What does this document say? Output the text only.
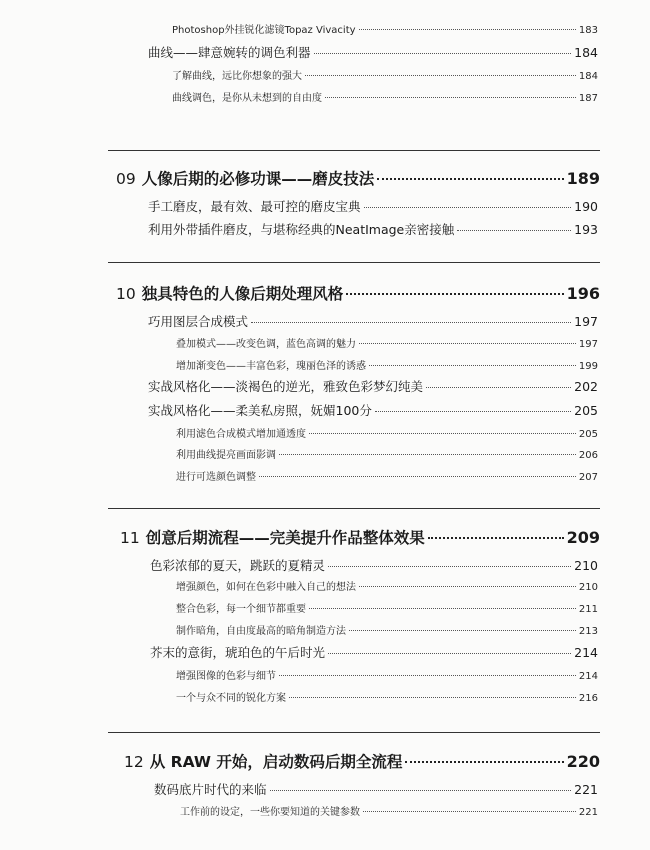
Photoshop外挂锐化滤镜Topaz Vivacity	183
曲线——肆意婉转的调色利器	184
了解曲线，远比你想象的强大	184
曲线调色，是你从未想到的自由度	187
09 人像后期的必修功课——磨皮技法	189
手工磨皮，最有效、最可控的磨皮宝典	190
利用外带插件磨皮，与堪称经典的NeatImage亲密接触	193
10 独具特色的人像后期处理风格	196
巧用图层合成模式	197
叠加模式——改变色调，蓝色高调的魅力	197
增加渐变色——丰富色彩，瑰丽色泽的诱惑	199
实战风格化——淡褐色的逆光，雅致色彩梦幻纯美	202
实战风格化——柔美私房照，妩媚100分	205
利用滤色合成模式增加通透度	205
利用曲线提亮画面影调	206
进行可选颜色调整	207
11 创意后期流程——完美提升作品整体效果	209
色彩浓郁的夏天，跳跃的夏精灵	210
增强颜色，如何在色彩中融入自己的想法	210
整合色彩，每一个细节都重要	211
制作暗角，自由度最高的暗角制造方法	213
芥末的意街，琥珀色的午后时光	214
增强图像的色彩与细节	214
一个与众不同的锐化方案	216
12 从 RAW 开始，启动数码后期全流程	220
数码底片时代的来临	221
工作前的设定，一些你要知道的关键参数	221
